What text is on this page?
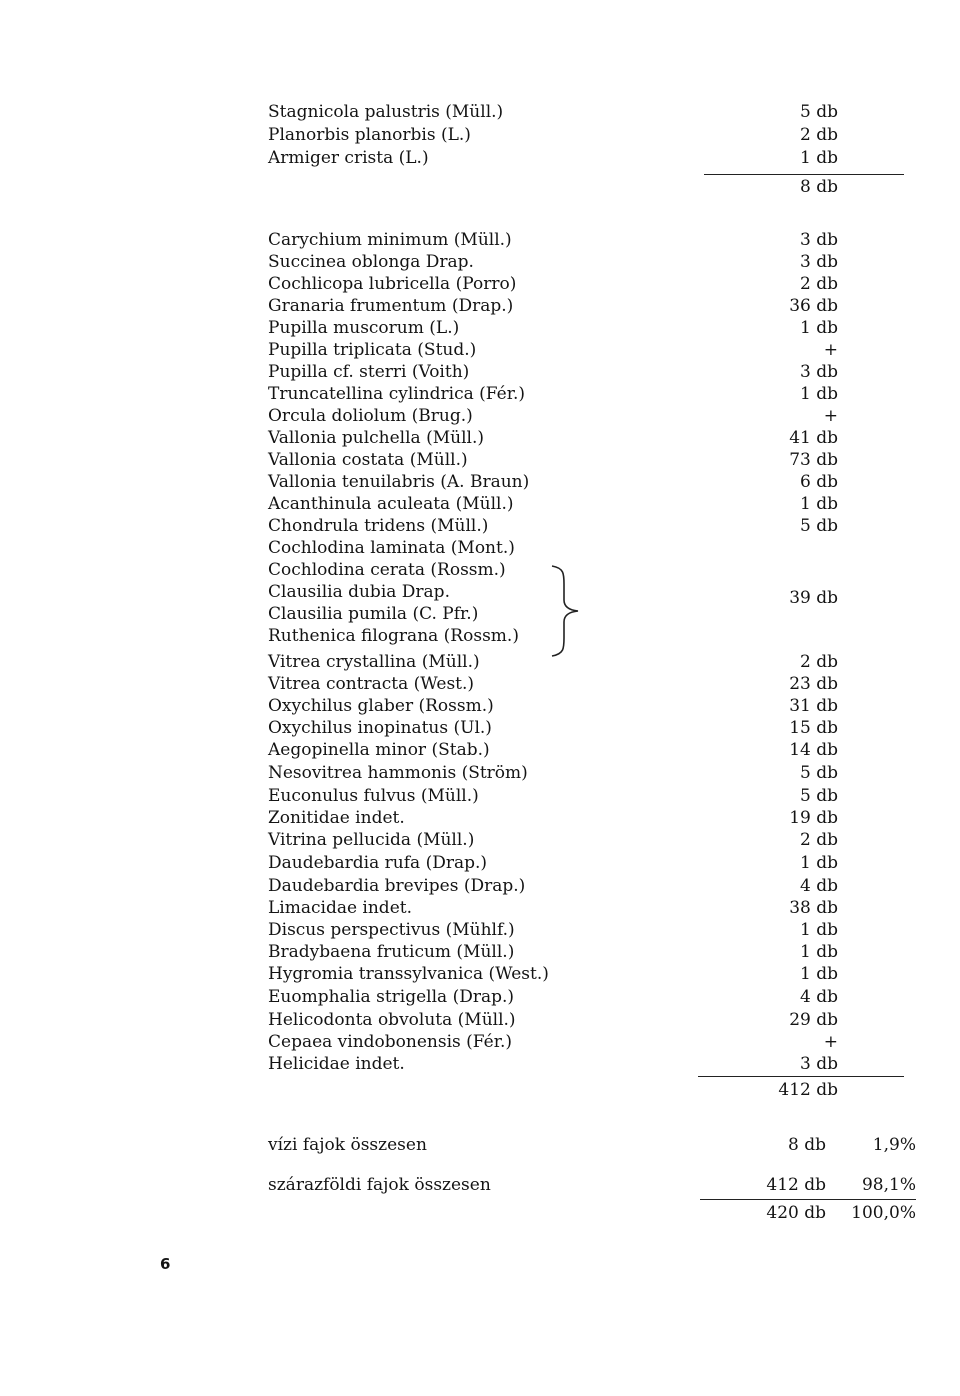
Stagnicola palustris (Müll.)	5 db
Planorbis planorbis (L.)	2 db
Armiger crista (L.)	1 db
8 db
Carychium minimum (Müll.)	3 db
Succinea oblonga Drap.	3 db
Cochlicopa lubricella (Porro)	2 db
Granaria frumentum (Drap.)	36 db
Pupilla muscorum (L.)	1 db
Pupilla triplicata (Stud.)	+
Pupilla cf. sterri (Voith)	3 db
Truncatellina cylindrica (Fér.)	1 db
Orcula doliolum (Brug.)	+
Vallonia pulchella (Müll.)	41 db
Vallonia costata (Müll.)	73 db
Vallonia tenuilabris (A. Braun)	6 db
Acanthinula aculeata (Müll.)	1 db
Chondrula tridens (Müll.)	5 db
Cochlodina laminata (Mont.)
Cochlodina cerata (Rossm.)
Clausilia dubia Drap.
Clausilia pumila (C. Pfr.)
Ruthenica filograna (Rossm.)
39 db
Vitrea crystallina (Müll.)	2 db
Vitrea contracta (West.)	23 db
Oxychilus glaber (Rossm.)	31 db
Oxychilus inopinatus (Ul.)	15 db
Aegopinella minor (Stab.)	14 db
Nesovitrea hammonis (Ström)	5 db
Euconulus fulvus (Müll.)	5 db
Zonitidae indet.	19 db
Vitrina pellucida (Müll.)	2 db
Daudebardia rufa (Drap.)	1 db
Daudebardia brevipes (Drap.)	4 db
Limacidae indet.	38 db
Discus perspectivus (Mühlf.)	1 db
Bradybaena fruticum (Müll.)	1 db
Hygromia transsylvanica (West.)	1 db
Euomphalia strigella (Drap.)	4 db
Helicodonta obvoluta (Müll.)	29 db
Cepaea vindobonensis (Fér.)	+
Helicidae indet.	3 db
412 db
vízi fajok összesen	8 db	1,9%
szárazföldi fajok összesen	412 db 98,1%
420 db 100,0%
6
